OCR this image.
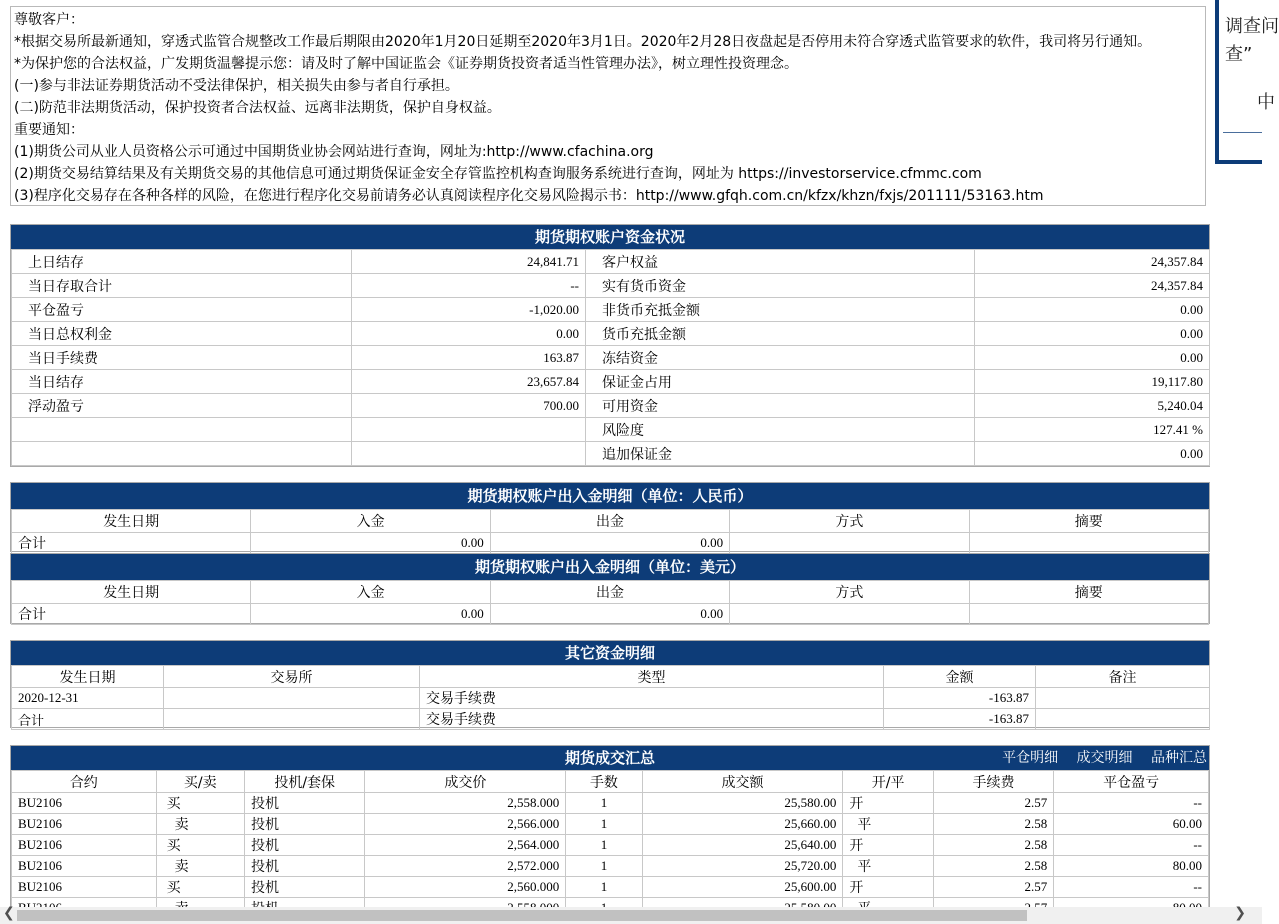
尊敬客户：
*根据交易所最新通知，穿透式监管合规整改工作最后期限由2020年1月20日延期至2020年3月1日。2020年2月28日夜盘起是否停用未符合穿透式监管要求的软件，我司将另行通知。
*为保护您的合法权益，广发期货温馨提示您：请及时了解中国证监会《证券期货投资者适当性管理办法》，树立理性投资理念。
(一)参与非法证券期货活动不受法律保护，相关损失由参与者自行承担。
(二)防范非法期货活动，保护投资者合法权益、远离非法期货，保护自身权益。
重要通知：
(1)期货公司从业人员资格公示可通过中国期货业协会网站进行查询，网址为:http://www.cfachina.org
(2)期货交易结算结果及有关期货交易的其他信息可通过期货保证金安全存管监控机构查询服务系统进行查询，网址为 https://investorservice.cfmmc.com
(3)程序化交易存在各种各样的风险，在您进行程序化交易前请务必认真阅读程序化交易风险揭示书：http://www.gfqh.com.cn/kfzx/khzn/fxjs/201111/53163.htm
调查问
查”
中
期货期权账户资金状况
上日结存	24,841.71	客户权益	24,357.84
当日存取合计	--	实有货币资金	24,357.84
平仓盈亏	-1,020.00	非货币充抵金额	0.00
当日总权利金	0.00	货币充抵金额	0.00
当日手续费	163.87	冻结资金	0.00
当日结存	23,657.84	保证金占用	19,117.80
浮动盈亏	700.00	可用资金	5,240.04
		风险度	127.41 %
		追加保证金	0.00
期货期权账户出入金明细（单位：人民币）
发生日期	入金	出金	方式	摘要
合计	0.00	0.00		
期货期权账户出入金明细（单位：美元）
发生日期	入金	出金	方式	摘要
合计	0.00	0.00		
其它资金明细
发生日期	交易所	类型	金额	备注
2020-12-31		交易手续费	-163.87	
合计		交易手续费	-163.87	
期货成交汇总	平仓明细 成交明细 品种汇总
合约	买/卖	投机/套保	成交价	手数	成交额	开/平	手续费	平仓盈亏
BU2106	买	投机	2,558.000	1	25,580.00	开	2.57	--
BU2106	卖	投机	2,566.000	1	25,660.00	平	2.58	60.00
BU2106	买	投机	2,564.000	1	25,640.00	开	2.58	--
BU2106	卖	投机	2,572.000	1	25,720.00	平	2.58	80.00
BU2106	买	投机	2,560.000	1	25,600.00	开	2.57	--

❮	❯
